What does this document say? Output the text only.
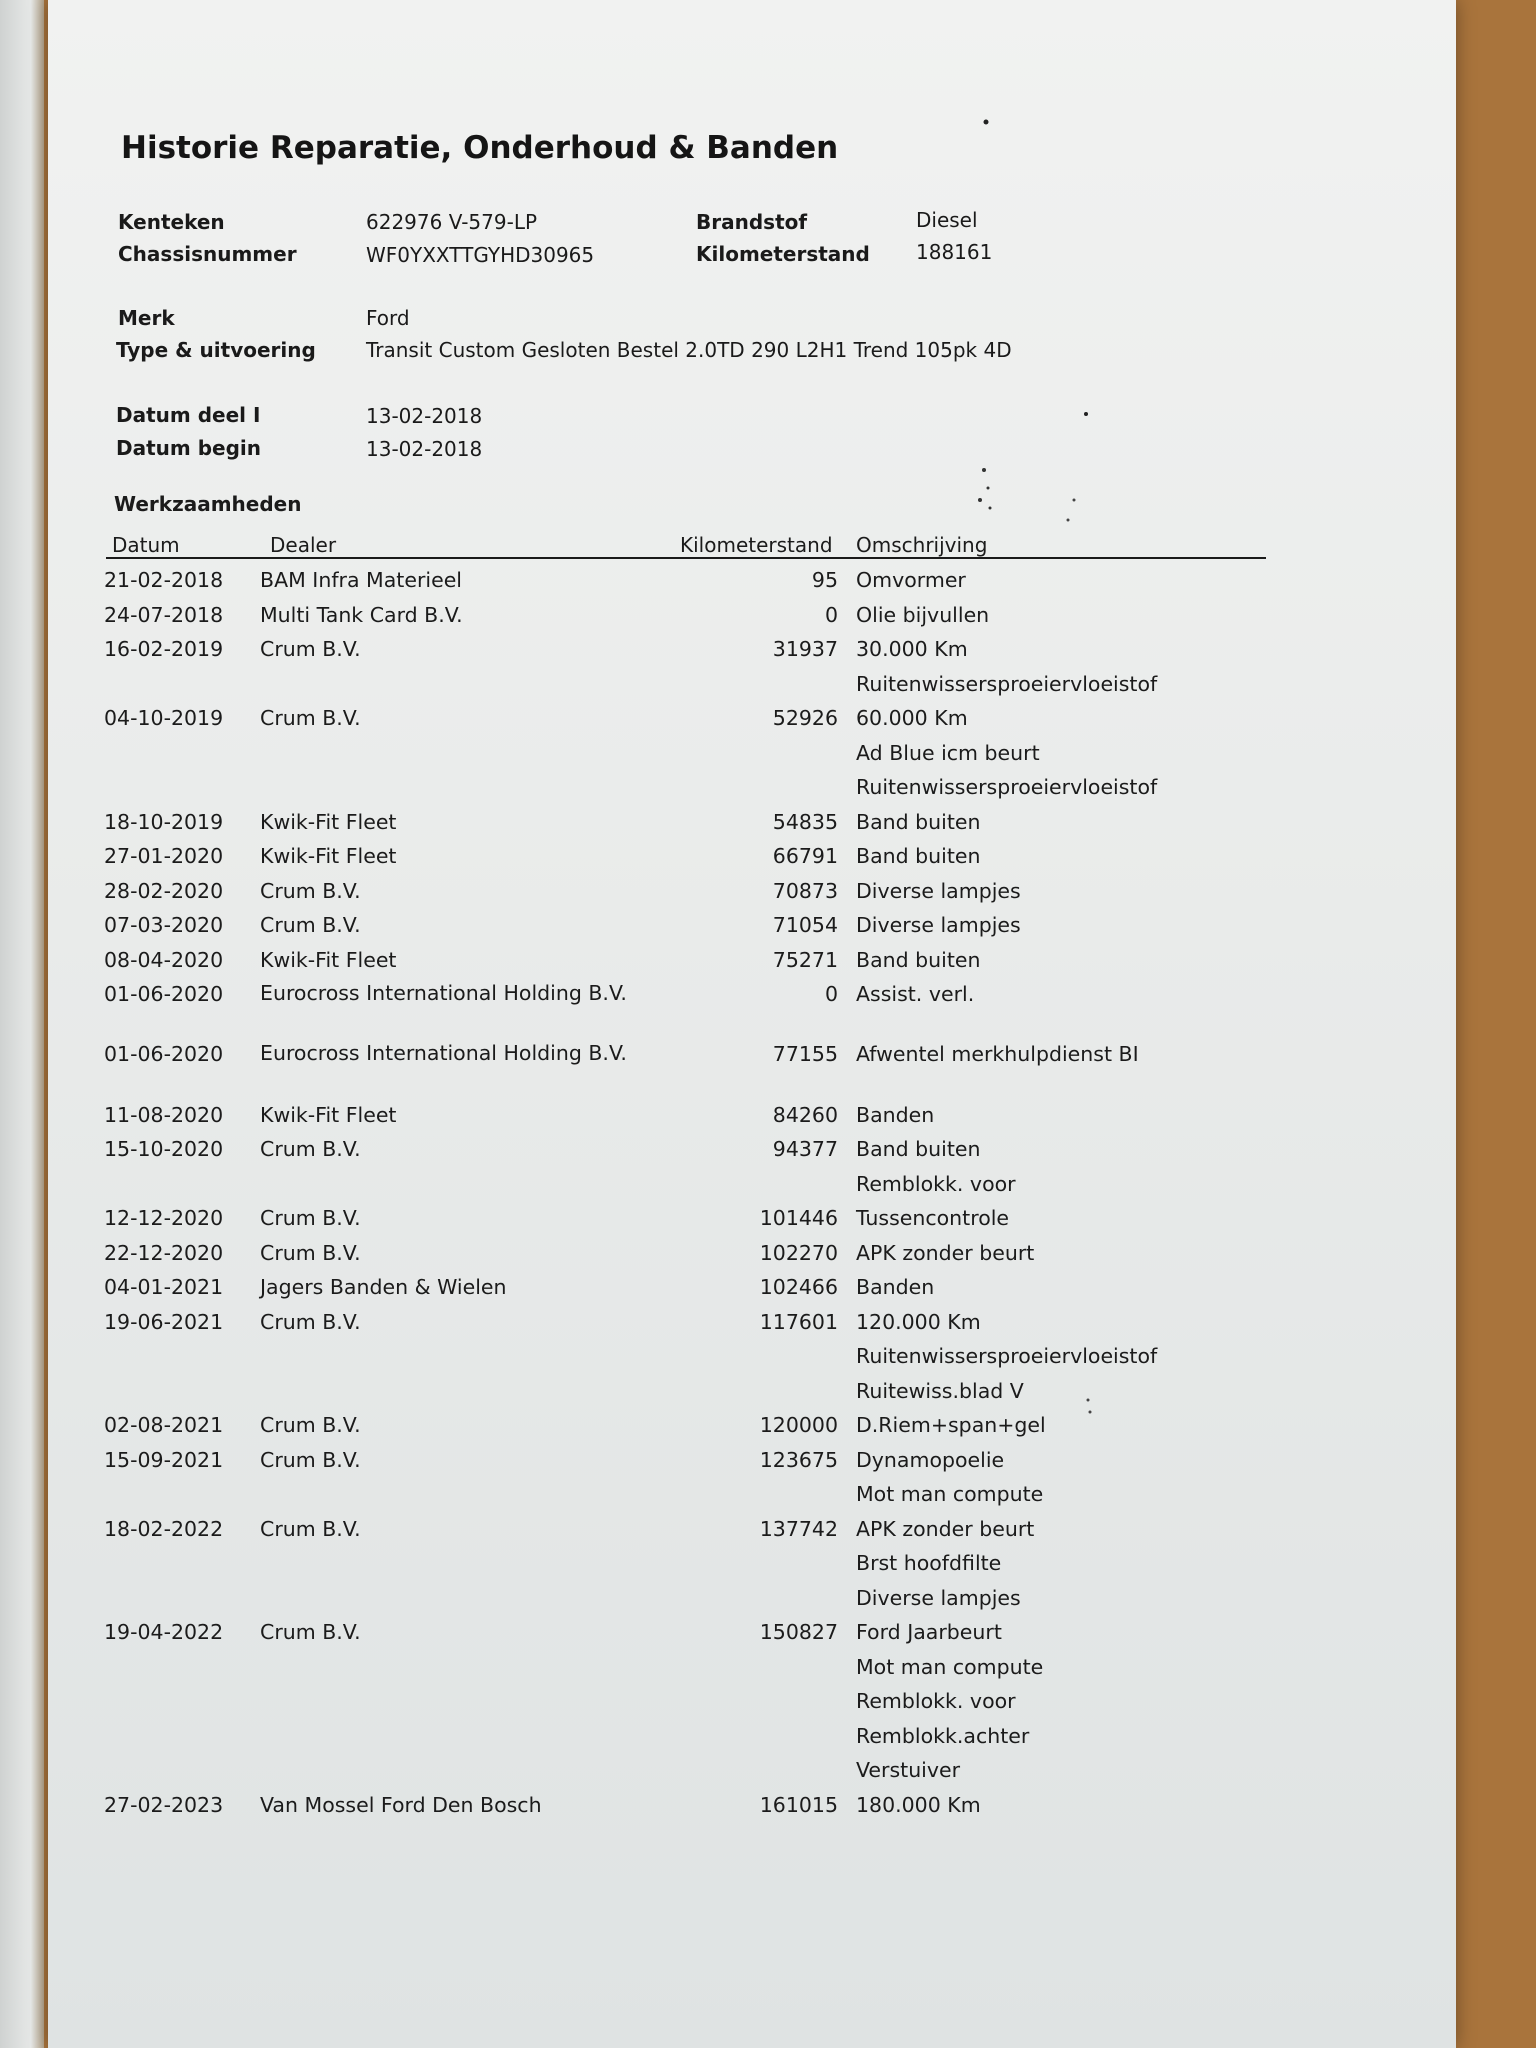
Historie Reparatie, Onderhoud & Banden
Kenteken	622976 V-579-LP	Brandstof	Diesel
Chassisnummer	WF0YXXTTGYHD30965	Kilometerstand 188161
Merk	Ford
Type & uitvoering	Transit Custom Gesloten Bestel 2.0TD 290 L2H1 Trend 105pk 4D
Datum deel I	13-02-2018
Datum begin	13-02-2018
Werkzaamheden
Datum	Dealer	Kilometerstand Omschrijving
21-02-2018	BAM Infra Materieel	95 Omvormer
24-07-2018	Multi Tank Card B.V.	0 Olie bijvullen
16-02-2019	Crum B.V.	31937 30.000 Km
Ruitenwissersproeiervloeistof
04-10-2019	Crum B.V.	52926 60.000 Km
Ad Blue icm beurt
Ruitenwissersproeiervloeistof
18-10-2019	Kwik-Fit Fleet	54835 Band buiten
27-01-2020	Kwik-Fit Fleet	66791 Band buiten
28-02-2020	Crum B.V.	70873 Diverse lampjes
07-03-2020	Crum B.V.	71054 Diverse lampjes
08-04-2020	Kwik-Fit Fleet	75271 Band buiten
01-06-2020	Eurocross International Holding B.V.	0 Assist. verl.
01-06-2020	Eurocross International Holding B.V.	77155 Afwentel merkhulpdienst BI
11-08-2020	Kwik-Fit Fleet	84260 Banden
15-10-2020	Crum B.V.	94377 Band buiten
Remblokk. voor
12-12-2020	Crum B.V.	101446 Tussencontrole
22-12-2020	Crum B.V.	102270 APK zonder beurt
04-01-2021	Jagers Banden & Wielen	102466 Banden
19-06-2021	Crum B.V.	117601 120.000 Km
Ruitenwissersproeiervloeistof
Ruitewiss.blad V
02-08-2021	Crum B.V.	120000 D.Riem+span+gel
15-09-2021	Crum B.V.	123675 Dynamopoelie
Mot man compute
18-02-2022	Crum B.V.	137742 APK zonder beurt
Brst hoofdfilte
Diverse lampjes
19-04-2022	Crum B.V.	150827 Ford Jaarbeurt
Mot man compute
Remblokk. voor
Remblokk.achter
Verstuiver
27-02-2023	Van Mossel Ford Den Bosch	161015 180.000 Km
